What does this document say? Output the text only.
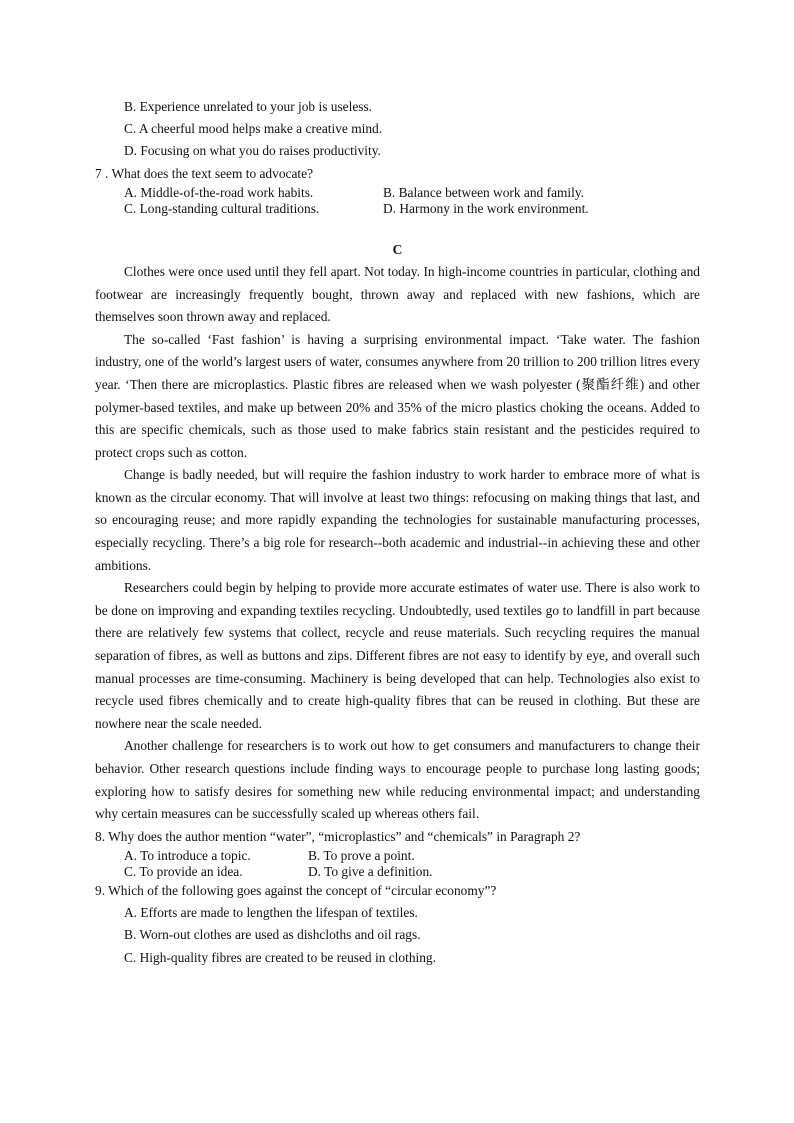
B. Experience unrelated to your job is useless.
C. A cheerful mood helps make a creative mind.
D. Focusing on what you do raises productivity.
7 . What does the text seem to advocate?
A. Middle-of-the-road work habits.	B. Balance between work and family.
C. Long-standing cultural traditions.	D. Harmony in the work environment.
C

Clothes were once used until they fell apart. Not today. In high-income countries in particular, clothing and footwear are increasingly frequently bought, thrown away and replaced with new fashions, which are themselves soon thrown away and replaced.

The so-called ‘Fast fashion’ is having a surprising environmental impact. ‘Take water. The fashion industry, one of the world’s largest users of water, consumes anywhere from 20 trillion to 200 trillion litres every year. ‘Then there are microplastics. Plastic fibres are released when we wash polyester (聚酯纤维) and other polymer-based textiles, and make up between 20% and 35% of the micro plastics choking the oceans. Added to this are specific chemicals, such as those used to make fabrics stain resistant and the pesticides required to protect crops such as cotton.

Change is badly needed, but will require the fashion industry to work harder to embrace more of what is known as the circular economy. That will involve at least two things: refocusing on making things that last, and so encouraging reuse; and more rapidly expanding the technologies for sustainable manufacturing processes, especially recycling. There’s a big role for research--both academic and industrial--in achieving these and other ambitions.

Researchers could begin by helping to provide more accurate estimates of water use. There is also work to be done on improving and expanding textiles recycling. Undoubtedly, used textiles go to landfill in part because there are relatively few systems that collect, recycle and reuse materials. Such recycling requires the manual separation of fibres, as well as buttons and zips. Different fibres are not easy to identify by eye, and overall such manual processes are time-consuming. Machinery is being developed that can help. Technologies also exist to recycle used fibres chemically and to create high-quality fibres that can be reused in clothing. But these are nowhere near the scale needed.

Another challenge for researchers is to work out how to get consumers and manufacturers to change their behavior. Other research questions include finding ways to encourage people to purchase long lasting goods; exploring how to satisfy desires for something new while reducing environmental impact; and understanding why certain measures can be successfully scaled up whereas others fail.

8. Why does the author mention “water”, “microplastics” and “chemicals” in Paragraph 2?
A. To introduce a topic.	B. To prove a point.
C. To provide an idea.	D. To give a definition.
9. Which of the following goes against the concept of “circular economy”?
A. Efforts are made to lengthen the lifespan of textiles.
B. Worn-out clothes are used as dishcloths and oil rags.
C. High-quality fibres are created to be reused in clothing.
